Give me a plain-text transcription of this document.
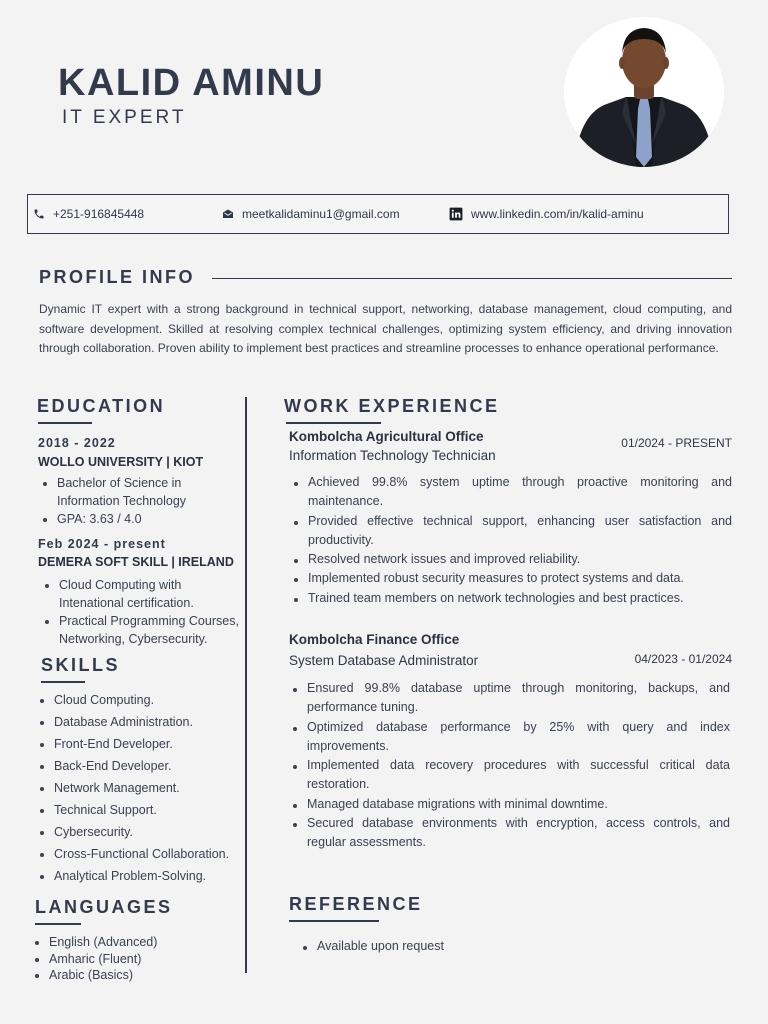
KALID AMINU
IT EXPERT
+251-916845448	meetkalidaminu1@gmail.com	www.linkedin.com/in/kalid-aminu
PROFILE INFO

Dynamic IT expert with a strong background in technical support, networking, database management, cloud computing, and software development. Skilled at resolving complex technical challenges, optimizing system efficiency, and driving innovation through collaboration. Proven ability to implement best practices and streamline processes to enhance operational performance.

EDUCATION
2018 - 2022
WOLLO UNIVERSITY | KIOT
Bachelor of Science in Information Technology
GPA: 3.63 / 4.0
Feb 2024 - present
DEMERA SOFT SKILL | IRELAND
Cloud Computing with Intenational certification.
Practical Programming Courses, Networking, Cybersecurity.
SKILLS
Cloud Computing.
Database Administration.
Front-End Developer.
Back-End Developer.
Network Management.
Technical Support.
Cybersecurity.
Cross-Functional Collaboration.
Analytical Problem-Solving.
LANGUAGES
English (Advanced)
Amharic (Fluent)
Arabic (Basics)
WORK EXPERIENCE
Kombolcha Agricultural Office	01/2024 - PRESENT
Information Technology Technician
Achieved 99.8% system uptime through proactive monitoring and maintenance.
Provided effective technical support, enhancing user satisfaction and productivity.
Resolved network issues and improved reliability.
Implemented robust security measures to protect systems and data.
Trained team members on network technologies and best practices.
Kombolcha Finance Office
System Database Administrator	04/2023 - 01/2024
Ensured 99.8% database uptime through monitoring, backups, and performance tuning.
Optimized database performance by 25% with query and index improvements.
Implemented data recovery procedures with successful critical data restoration.
Managed database migrations with minimal downtime.
Secured database environments with encryption, access controls, and regular assessments.
REFERENCE
Available upon request
